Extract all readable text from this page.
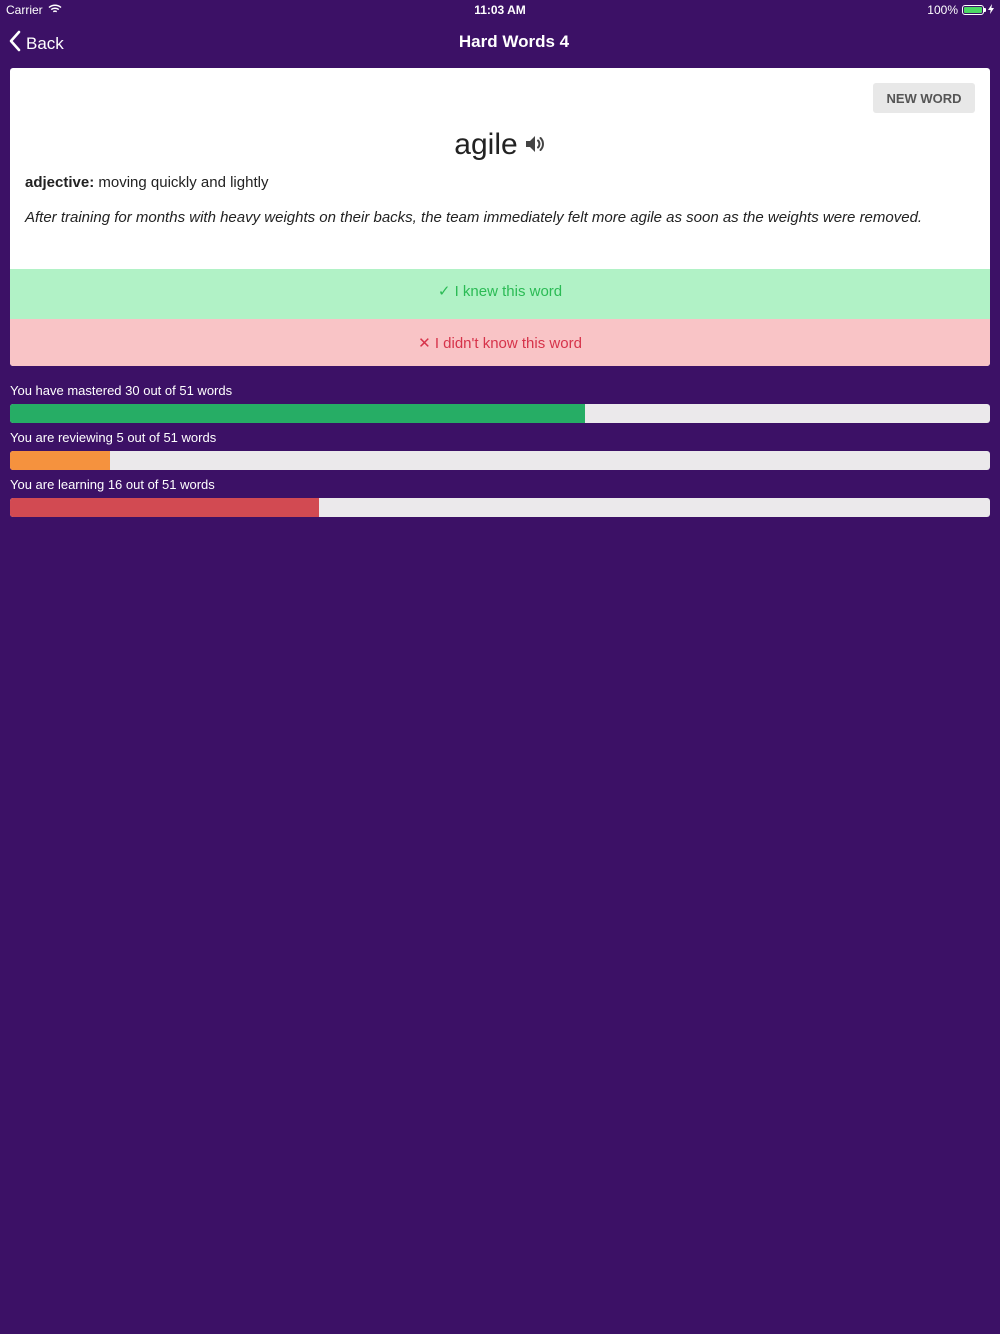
Carrier	11:03 AM	100%
Back	Hard Words 4
NEW WORD
agile
adjective: moving quickly and lightly
After training for months with heavy weights on their backs, the team immediately felt more agile as soon as the weights were removed.
✓ I knew this word
✕ I didn't know this word
You have mastered 30 out of 51 words
You are reviewing 5 out of 51 words
You are learning 16 out of 51 words
